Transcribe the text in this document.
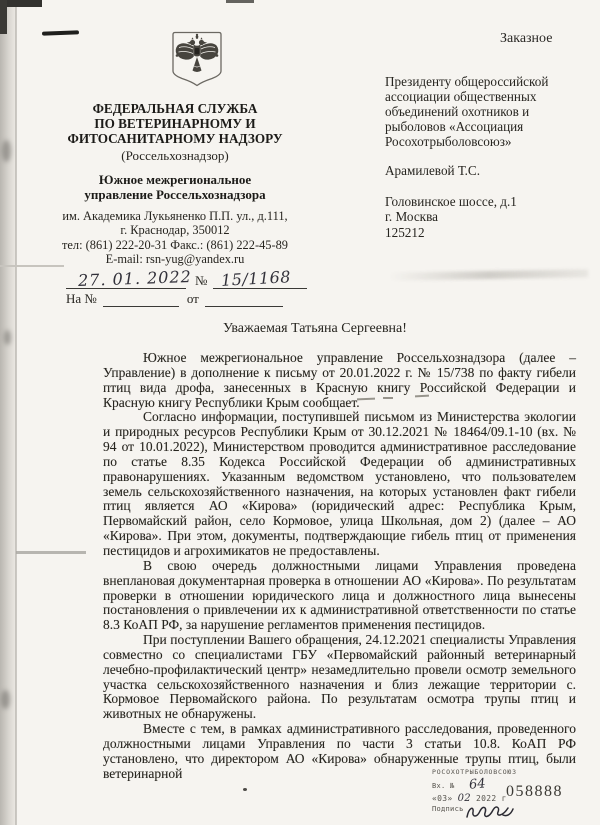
Заказное
ФЕДЕРАЛЬНАЯ СЛУЖБА
ПО ВЕТЕРИНАРНОМУ И
ФИТОСАНИТАРНОМУ НАДЗОРУ
(Россельхознадзор)
Южное межрегиональное
управление Россельхознадзора
им. Академика Лукьяненко П.П. ул., д.111,
г. Краснодар, 350012
тел: (861) 222-20-31 Факс.: (861) 222-45-89
E-mail: rsn-yug@yandex.ru
27. 01. 2022 № 15/1168
На №	от
Президенту общероссийской
ассоциации общественных
объединений охотников и
рыболовов «Ассоциация
Росохотрыболовсоюз»
Арамилевой Т.С.
Головинское шоссе, д.1
г. Москва
125212
Уважаемая Татьяна Сергеевна!

Южное межрегиональное управление Россельхознадзора (далее – Управление) в дополнение к письму от 20.01.2022 г. № 15/738 по факту гибели птиц вида дрофа, занесенных в Красную книгу Российской Федерации и Красную книгу Республики Крым сообщает.

Согласно информации, поступившей письмом из Министерства экологии и природных ресурсов Республики Крым от 30.12.2021 № 18464/09.1-10 (вх. № 94 от 10.01.2022), Министерством проводится административное расследование по статье 8.35 Кодекса Российской Федерации об административных правонарушениях. Указанным ведомством установлено, что пользователем земель сельскохозяйственного назначения, на которых установлен факт гибели птиц является АО «Кирова» (юридический адрес: Республика Крым, Первомайский район, село Кормовое, улица Школьная, дом 2) (далее – АО «Кирова». При этом, документы, подтверждающие гибель птиц от применения пестицидов и агрохимикатов не предоставлены.

В свою очередь должностными лицами Управления проведена внеплановая документарная проверка в отношении АО «Кирова». По результатам проверки в отношении юридического лица и должностного лица вынесены постановления о привлечении их к административной ответственности по статье 8.3 КоАП РФ, за нарушение регламентов применения пестицидов.

При поступлении Вашего обращения, 24.12.2021 специалисты Управления совместно со специалистами ГБУ «Первомайский районный ветеринарный лечебно-профилактический центр» незамедлительно провели осмотр земельного участка сельскохозяйственного назначения и близ лежащие территории с. Кормовое Первомайского района. По результатам осмотра трупы птиц и животных не обнаружены.

Вместе с тем, в рамках административного расследования, проведенного должностными лицами Управления по части 3 статьи 10.8. КоАП РФ установлено, что директором АО «Кирова» обнаруженные трупы птиц, были ветеринарной	РОСОХОТРЫБОЛОВСОЮЗ
Вх. № 64
«03» 02 2022 г
Подпись
058888
